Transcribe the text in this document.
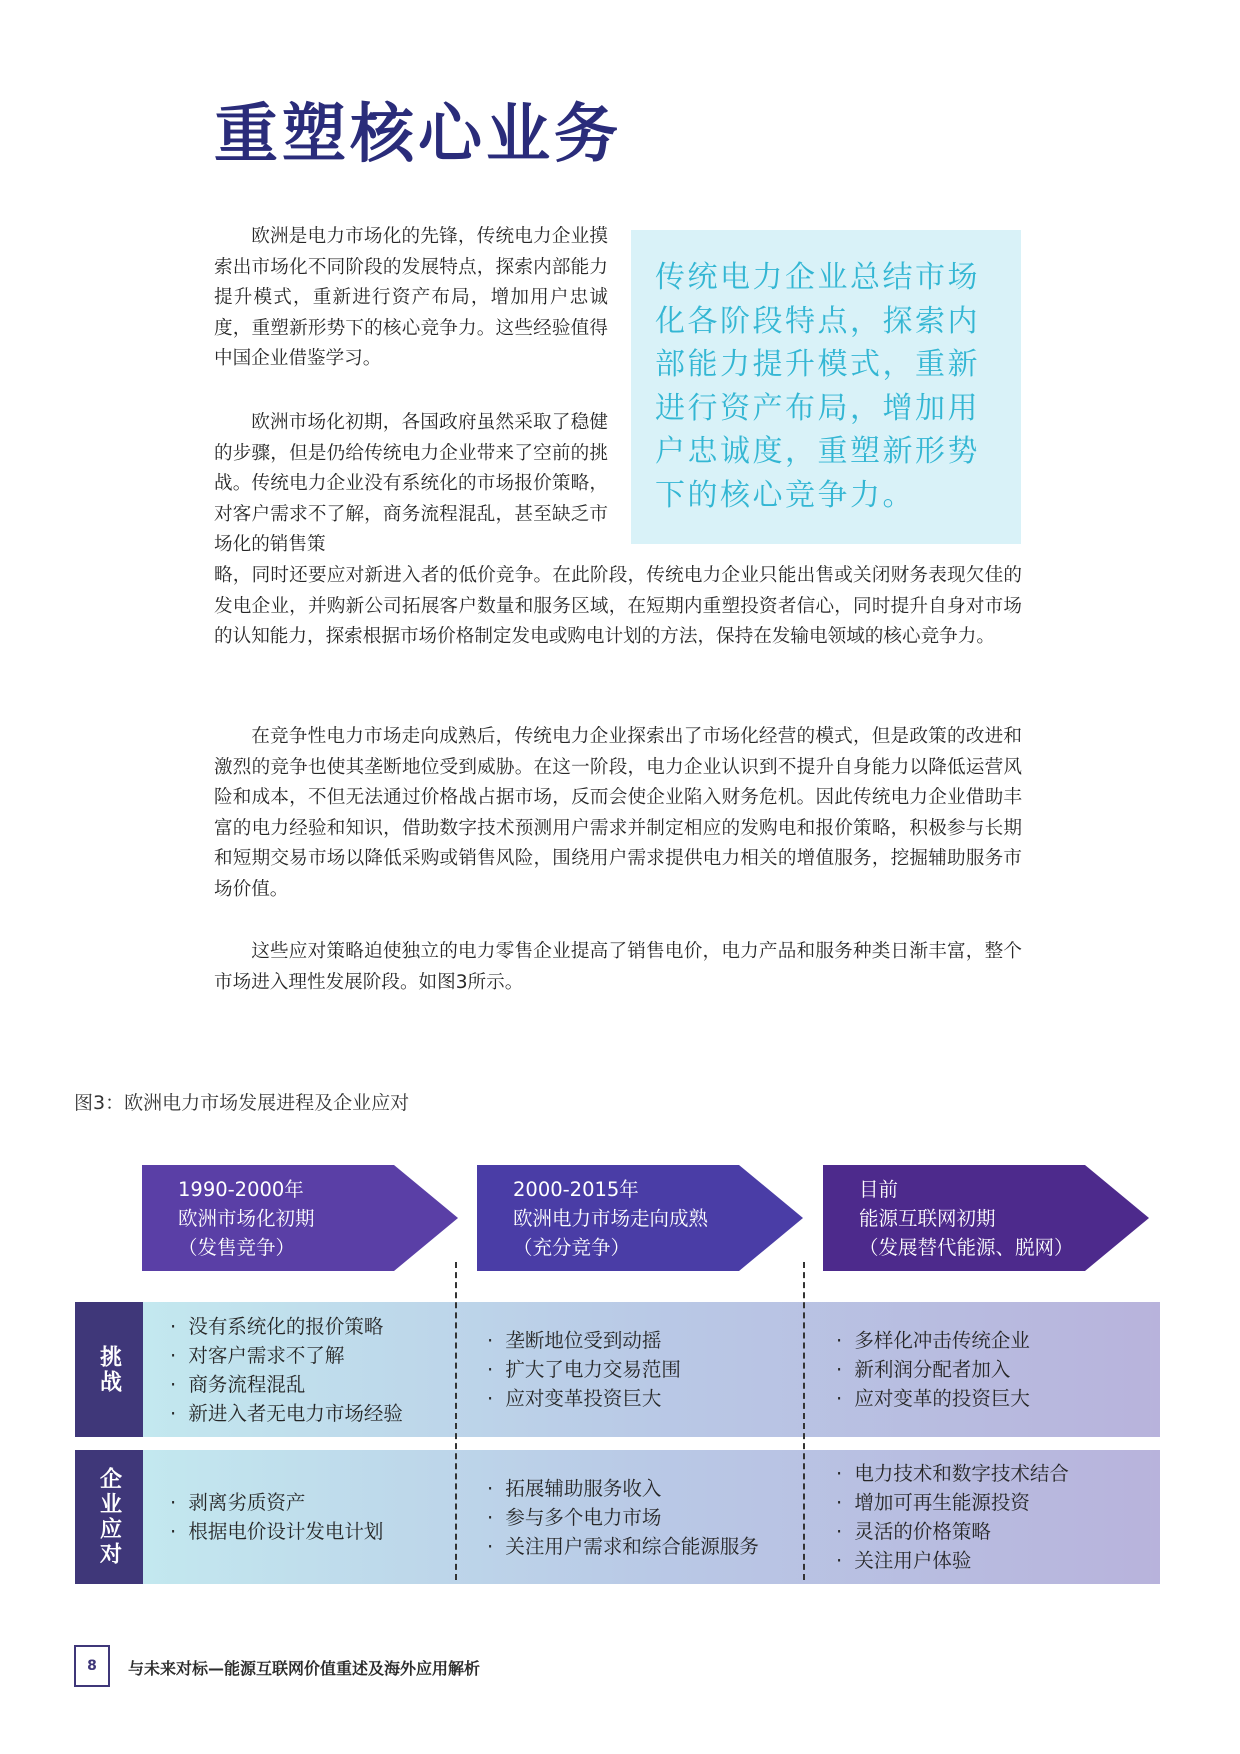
重塑核心业务

欧洲是电力市场化的先锋，传统电力企业摸索出市场化不同阶段的发展特点，探索内部能力提升模式，重新进行资产布局，增加用户忠诚度，重塑新形势下的核心竞争力。这些经验值得中国企业借鉴学习。

欧洲市场化初期，各国政府虽然采取了稳健的步骤，但是仍给传统电力企业带来了空前的挑战。传统电力企业没有系统化的市场报价策略，对客户需求不了解，商务流程混乱，甚至缺乏市场化的销售策

略，同时还要应对新进入者的低价竞争。在此阶段，传统电力企业只能出售或关闭财务表现欠佳的发电企业，并购新公司拓展客户数量和服务区域，在短期内重塑投资者信心，同时提升自身对市场的认知能力，探索根据市场价格制定发电或购电计划的方法，保持在发输电领域的核心竞争力。

在竞争性电力市场走向成熟后，传统电力企业探索出了市场化经营的模式，但是政策的改进和激烈的竞争也使其垄断地位受到威胁。在这一阶段，电力企业认识到不提升自身能力以降低运营风险和成本，不但无法通过价格战占据市场，反而会使企业陷入财务危机。因此传统电力企业借助丰富的电力经验和知识，借助数字技术预测用户需求并制定相应的发购电和报价策略，积极参与长期和短期交易市场以降低采购或销售风险，围绕用户需求提供电力相关的增值服务，挖掘辅助服务市场价值。

这些应对策略迫使独立的电力零售企业提高了销售电价，电力产品和服务种类日渐丰富，整个市场进入理性发展阶段。如图3所示。

传统电力企业总结市场化各阶段特点，探索内部能力提升模式，重新进行资产布局，增加用户忠诚度，重塑新形势下的核心竞争力。
图3：欧洲电力市场发展进程及企业应对
1990-2000年
欧洲市场化初期
（发售竞争）
2000-2015年
欧洲电力市场走向成熟
（充分竞争）
目前
能源互联网初期
（发展替代能源、脱网）
挑战
企业应对
· 没有系统化的报价策略
· 对客户需求不了解
· 商务流程混乱
· 新进入者无电力市场经验
· 垄断地位受到动摇
· 扩大了电力交易范围
· 应对变革投资巨大
· 多样化冲击传统企业
· 新利润分配者加入
· 应对变革的投资巨大
· 剥离劣质资产
· 根据电价设计发电计划
· 拓展辅助服务收入
· 参与多个电力市场
· 关注用户需求和综合能源服务
· 电力技术和数字技术结合
· 增加可再生能源投资
· 灵活的价格策略
· 关注用户体验
8	与未来对标—能源互联网价值重述及海外应用解析
